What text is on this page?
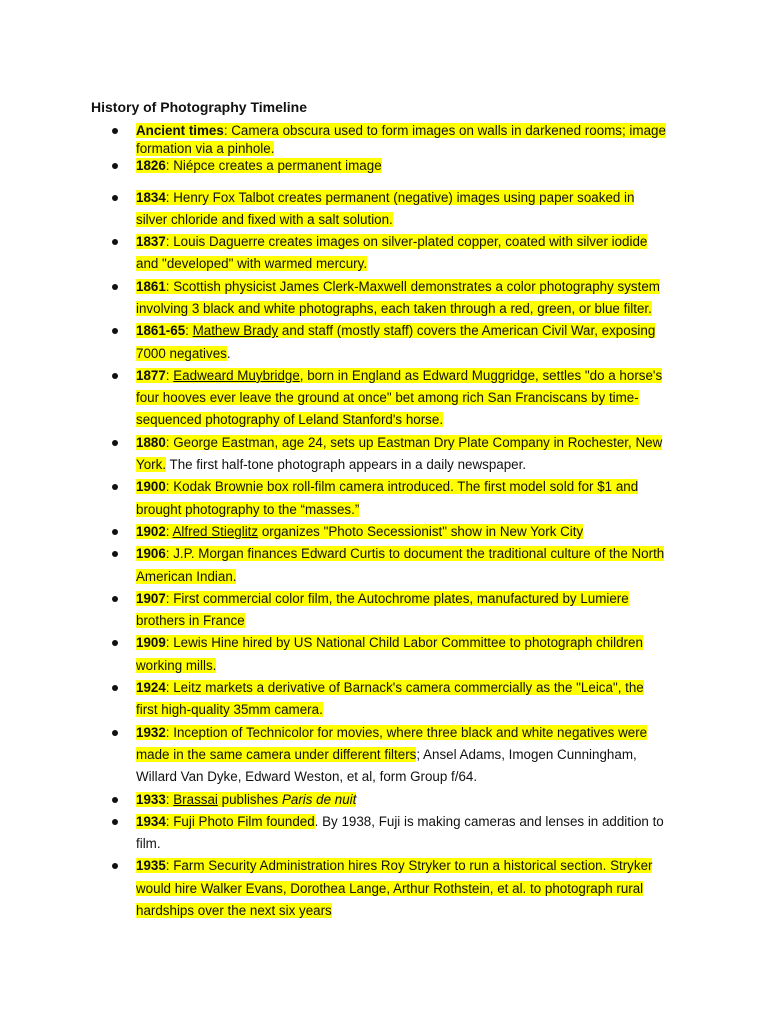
History of Photography Timeline
Ancient times: Camera obscura used to form images on walls in darkened rooms; image formation via a pinhole.
1826: Niépce creates a permanent image
1834: Henry Fox Talbot creates permanent (negative) images using paper soaked in silver chloride and fixed with a salt solution.
1837: Louis Daguerre creates images on silver-plated copper, coated with silver iodide and "developed" with warmed mercury.
1861: Scottish physicist James Clerk-Maxwell demonstrates a color photography system involving 3 black and white photographs, each taken through a red, green, or blue filter.
1861-65: Mathew Brady and staff (mostly staff) covers the American Civil War, exposing 7000 negatives.
1877: Eadweard Muybridge, born in England as Edward Muggridge, settles "do a horse's four hooves ever leave the ground at once" bet among rich San Franciscans by time-sequenced photography of Leland Stanford's horse.
1880: George Eastman, age 24, sets up Eastman Dry Plate Company in Rochester, New York. The first half-tone photograph appears in a daily newspaper.
1900: Kodak Brownie box roll-film camera introduced. The first model sold for $1 and brought photography to the “masses.”
1902: Alfred Stieglitz organizes "Photo Secessionist" show in New York City
1906: J.P. Morgan finances Edward Curtis to document the traditional culture of the North American Indian.
1907: First commercial color film, the Autochrome plates, manufactured by Lumiere brothers in France
1909: Lewis Hine hired by US National Child Labor Committee to photograph children working mills.
1924: Leitz markets a derivative of Barnack's camera commercially as the "Leica", the first high-quality 35mm camera.
1932: Inception of Technicolor for movies, where three black and white negatives were made in the same camera under different filters; Ansel Adams, Imogen Cunningham, Willard Van Dyke, Edward Weston, et al, form Group f/64.
1933: Brassai publishes Paris de nuit
1934: Fuji Photo Film founded. By 1938, Fuji is making cameras and lenses in addition to film.
1935: Farm Security Administration hires Roy Stryker to run a historical section. Stryker would hire Walker Evans, Dorothea Lange, Arthur Rothstein, et al. to photograph rural hardships over the next six years
